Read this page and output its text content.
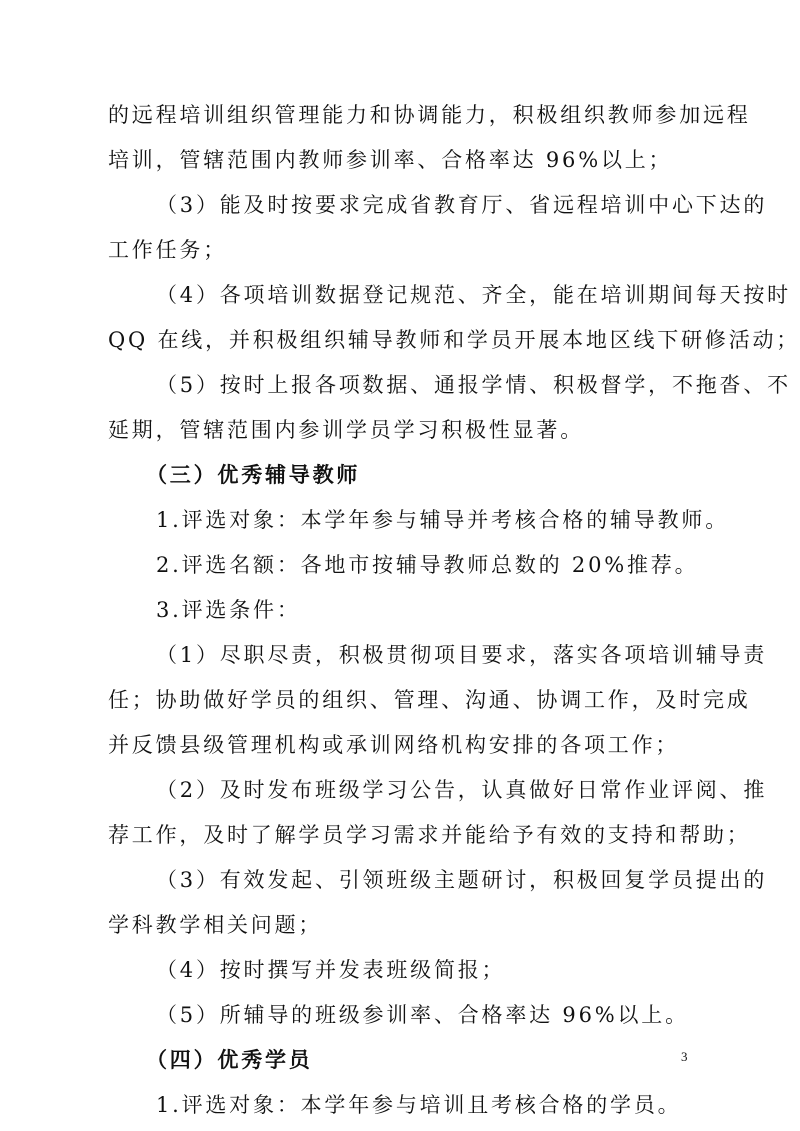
的远程培训组织管理能力和协调能力，积极组织教师参加远程
培训，管辖范围内教师参训率、合格率达 96%以上；
（3）能及时按要求完成省教育厅、省远程培训中心下达的
工作任务；
（4）各项培训数据登记规范、齐全，能在培训期间每天按时
QQ 在线，并积极组织辅导教师和学员开展本地区线下研修活动；
（5）按时上报各项数据、通报学情、积极督学，不拖沓、不
延期，管辖范围内参训学员学习积极性显著。
（三）优秀辅导教师
1.评选对象：本学年参与辅导并考核合格的辅导教师。
2.评选名额：各地市按辅导教师总数的 20%推荐。
3.评选条件：
（1）尽职尽责，积极贯彻项目要求，落实各项培训辅导责
任；协助做好学员的组织、管理、沟通、协调工作，及时完成
并反馈县级管理机构或承训网络机构安排的各项工作；
（2）及时发布班级学习公告，认真做好日常作业评阅、推
荐工作，及时了解学员学习需求并能给予有效的支持和帮助；
（3）有效发起、引领班级主题研讨，积极回复学员提出的
学科教学相关问题；
（4）按时撰写并发表班级简报；
（5）所辅导的班级参训率、合格率达 96%以上。
（四）优秀学员
1.评选对象：本学年参与培训且考核合格的学员。
3
